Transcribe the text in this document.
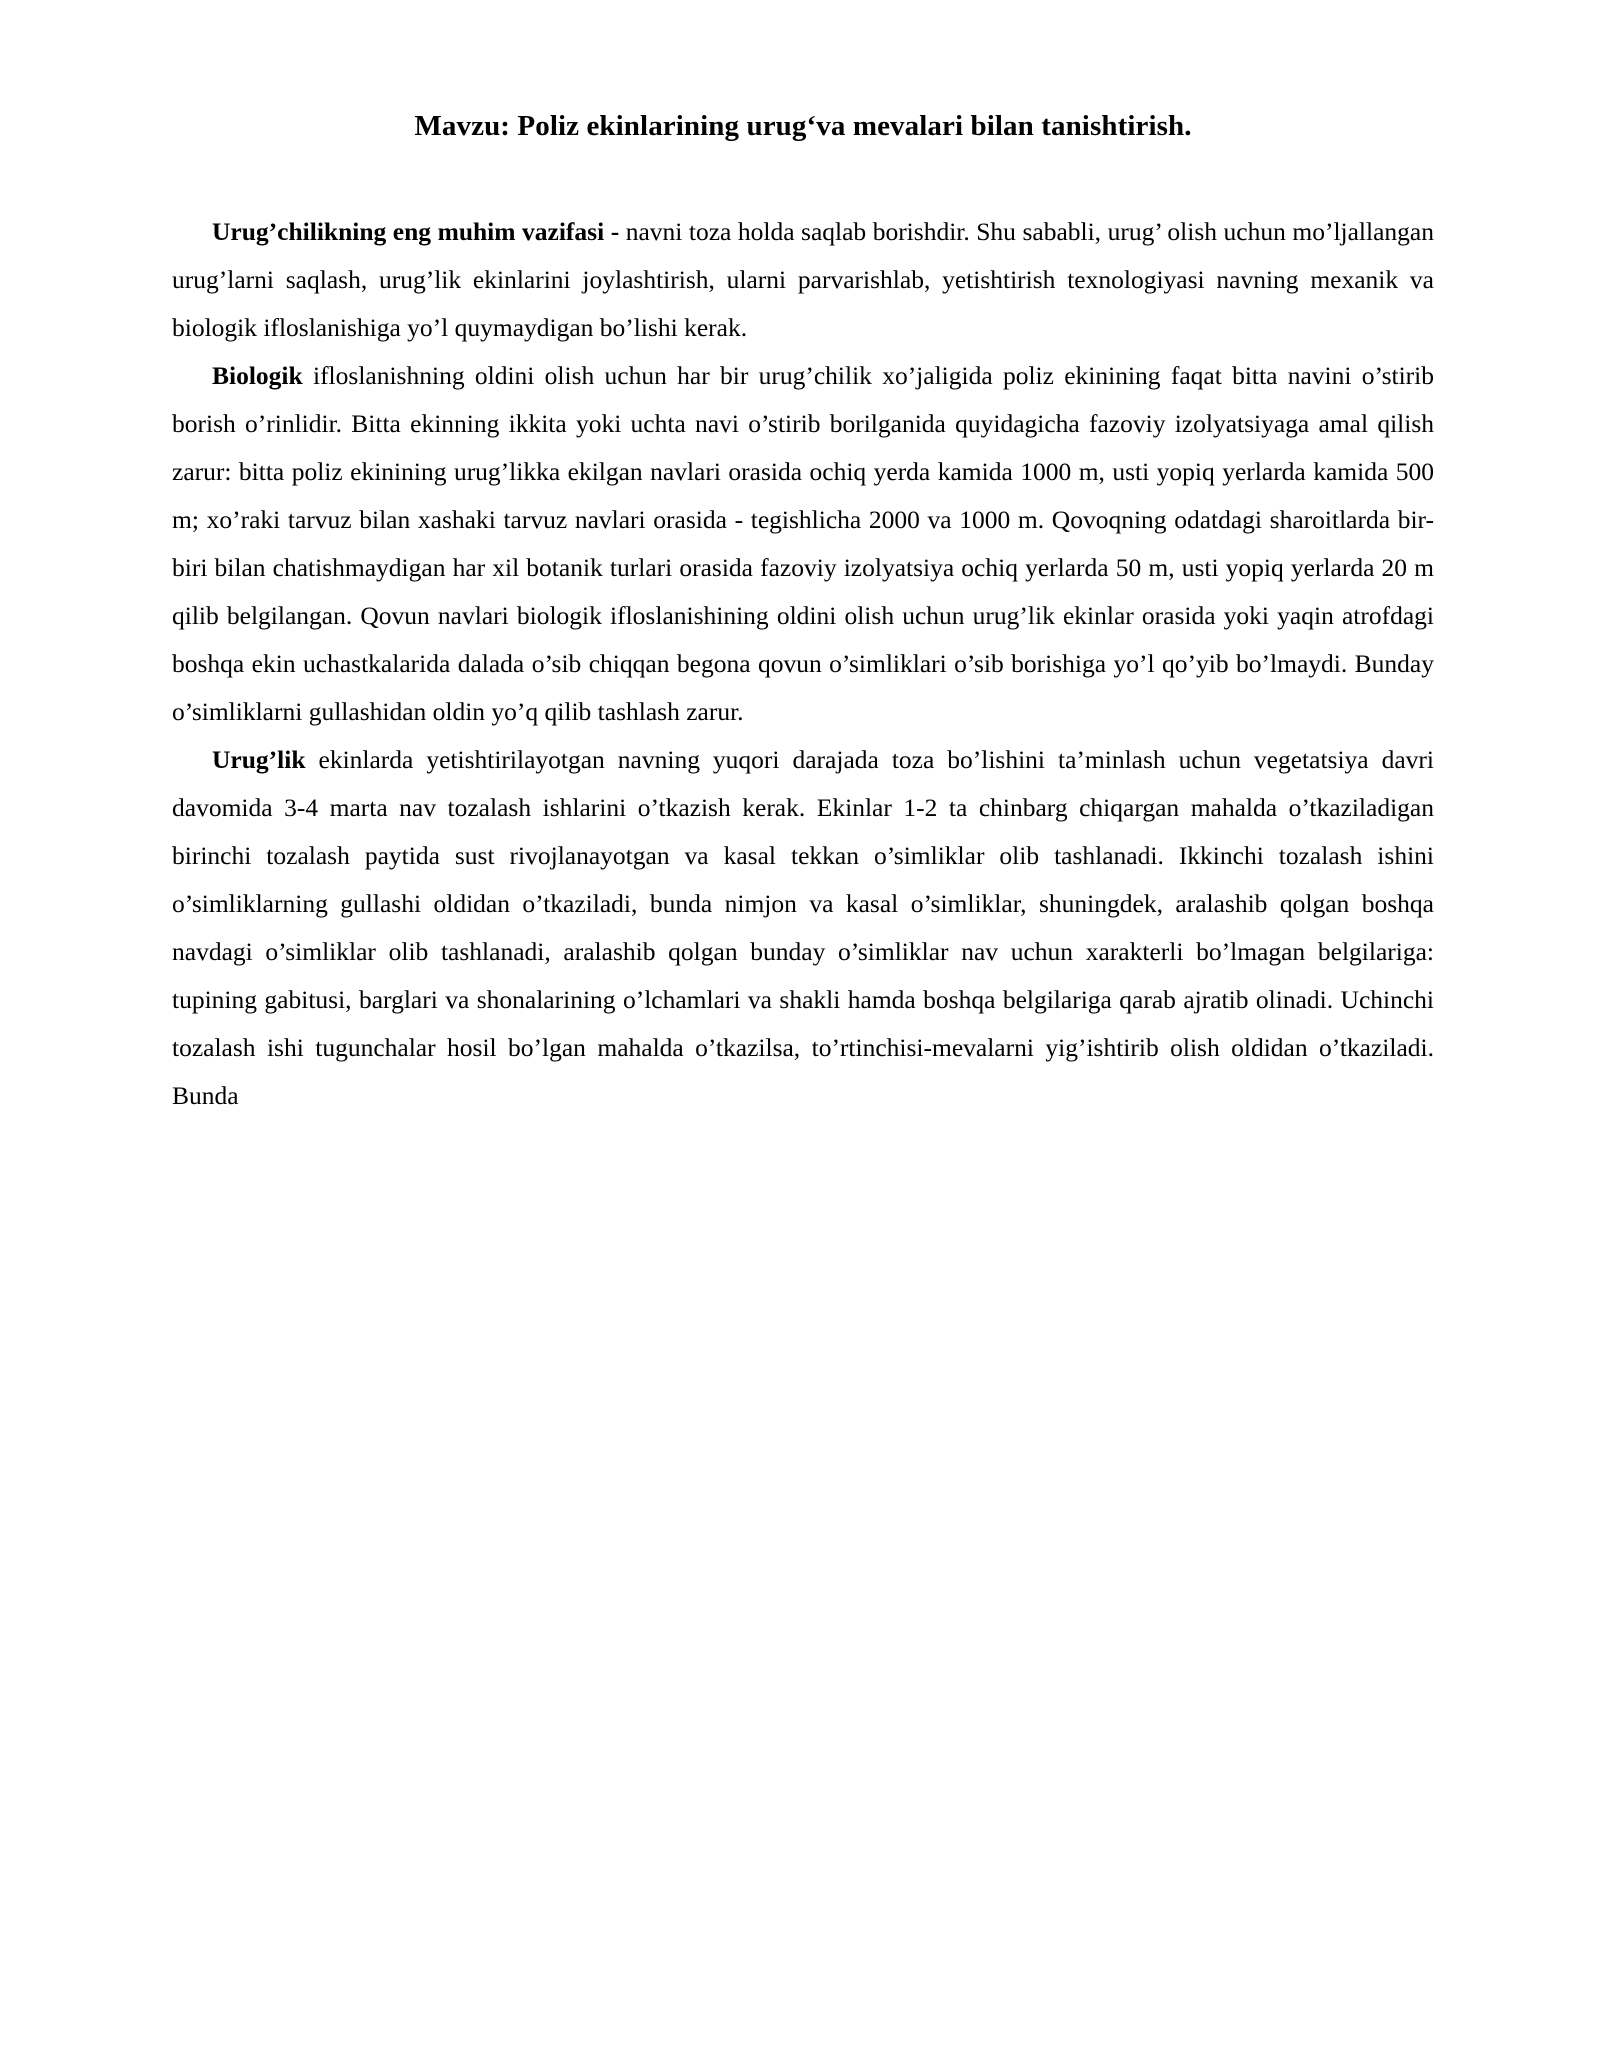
Mavzu: Poliz ekinlarining urug‘va mevalari bilan tanishtirish.

Urug’chilikning eng muhim vazifasi - navni toza holda saqlab borishdir. Shu sababli, urug’ olish uchun mo’ljallangan urug’larni saqlash, urug’lik ekinlarini joylashtirish, ularni parvarishlab, yetishtirish texnologiyasi navning mexanik va biologik ifloslanishiga yo’l quymaydigan bo’lishi kerak.

Biologik ifloslanishning oldini olish uchun har bir urug’chilik xo’jaligida poliz ekinining faqat bitta navini o’stirib borish o’rinlidir. Bitta ekinning ikkita yoki uchta navi o’stirib borilganida quyidagicha fazoviy izolyatsiyaga amal qilish zarur: bitta poliz ekinining urug’likka ekilgan navlari orasida ochiq yerda kamida 1000 m, usti yopiq yerlarda kamida 500 m; xo’raki tarvuz bilan xashaki tarvuz navlari orasida - tegishlicha 2000 va 1000 m. Qovoqning odatdagi sharoitlarda bir-biri bilan chatishmaydigan har xil botanik turlari orasida fazoviy izolyatsiya ochiq yerlarda 50 m, usti yopiq yerlarda 20 m qilib belgilangan. Qovun navlari biologik ifloslanishining oldini olish uchun urug’lik ekinlar orasida yoki yaqin atrofdagi boshqa ekin uchastkalarida dalada o’sib chiqqan begona qovun o’simliklari o’sib borishiga yo’l qo’yib bo’lmaydi. Bunday o’simliklarni gullashidan oldin yo’q qilib tashlash zarur.

Urug’lik ekinlarda yetishtirilayotgan navning yuqori darajada toza bo’lishini ta’minlash uchun vegetatsiya davri davomida 3-4 marta nav tozalash ishlarini o’tkazish kerak. Ekinlar 1-2 ta chinbarg chiqargan mahalda o’tkaziladigan birinchi tozalash paytida sust rivojlanayotgan va kasal tekkan o’simliklar olib tashlanadi. Ikkinchi tozalash ishini o’simliklarning gullashi oldidan o’tkaziladi, bunda nimjon va kasal o’simliklar, shuningdek, aralashib qolgan boshqa navdagi o’simliklar olib tashlanadi, aralashib qolgan bunday o’simliklar nav uchun xarakterli bo’lmagan belgilariga: tupining gabitusi, barglari va shonalarining o’lchamlari va shakli hamda boshqa belgilariga qarab ajratib olinadi. Uchinchi tozalash ishi tugunchalar hosil bo’lgan mahalda o’tkazilsa, to’rtinchisi-mevalarni yig’ishtirib olish oldidan o’tkaziladi. Bunda
